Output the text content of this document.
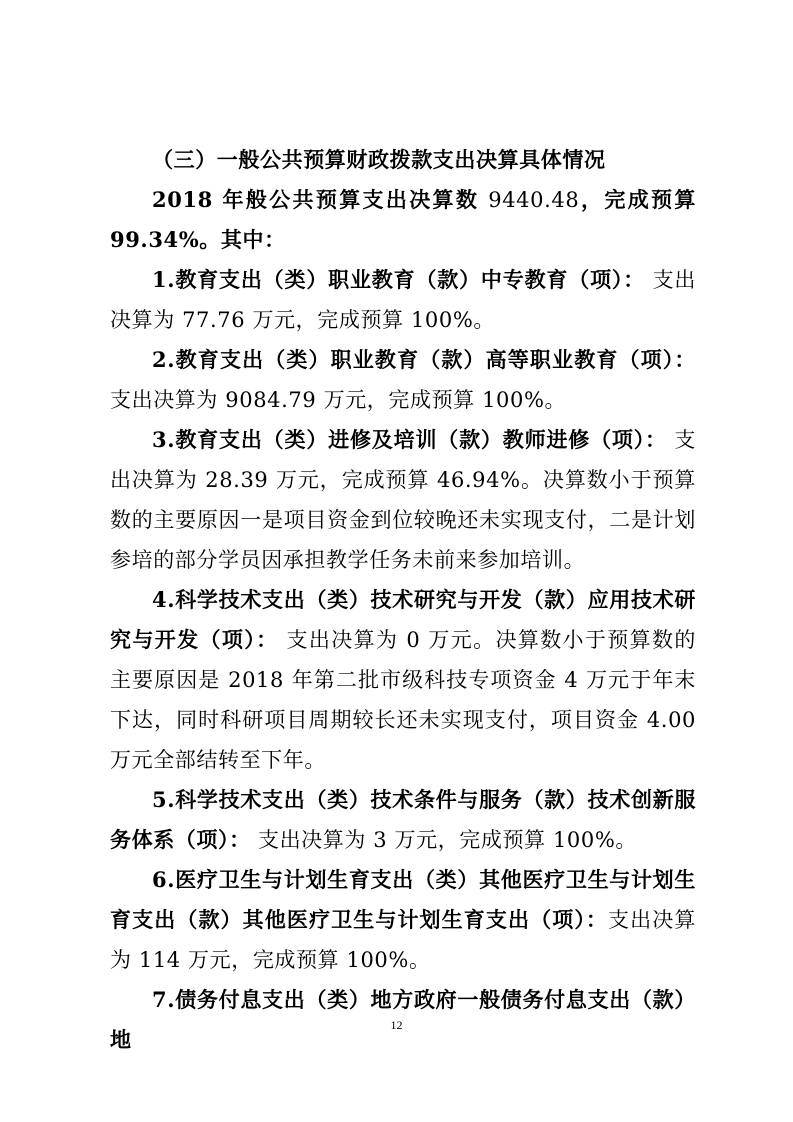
（三）一般公共预算财政拨款支出决算具体情况

2018 年般公共预算支出决算数 9440.48，完成预算 99.34%。其中：

1.教育支出（类）职业教育（款）中专教育（项）： 支出决算为 77.76 万元，完成预算 100%。

2.教育支出（类）职业教育（款）高等职业教育（项）： 支出决算为 9084.79 万元，完成预算 100%。

3.教育支出（类）进修及培训（款）教师进修（项）： 支出决算为 28.39 万元，完成预算 46.94%。决算数小于预算数的主要原因一是项目资金到位较晚还未实现支付，二是计划参培的部分学员因承担教学任务未前来参加培训。

4.科学技术支出（类）技术研究与开发（款）应用技术研究与开发（项）： 支出决算为 0 万元。决算数小于预算数的主要原因是 2018 年第二批市级科技专项资金 4 万元于年末下达，同时科研项目周期较长还未实现支付，项目资金 4.00 万元全部结转至下年。

5.科学技术支出（类）技术条件与服务（款）技术创新服务体系（项）： 支出决算为 3 万元，完成预算 100%。

6.医疗卫生与计划生育支出（类）其他医疗卫生与计划生育支出（款）其他医疗卫生与计划生育支出（项）：支出决算为 114 万元，完成预算 100%。

7.债务付息支出（类）地方政府一般债务付息支出（款）地

12
